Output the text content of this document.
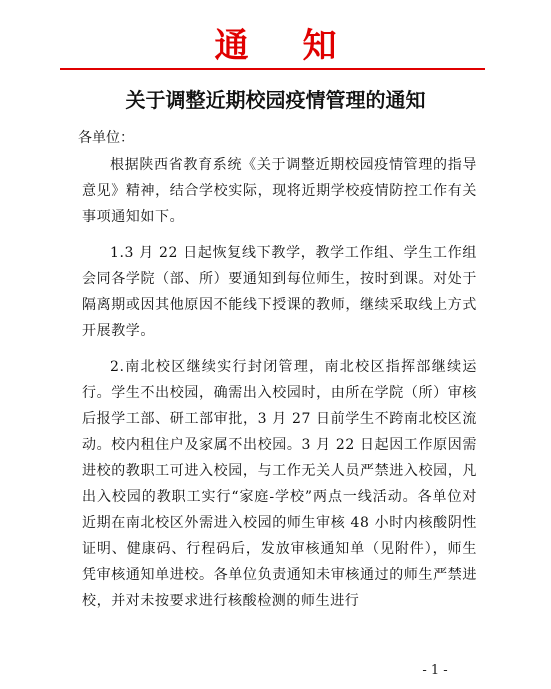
通 知
关于调整近期校园疫情管理的通知
各单位：

根据陕西省教育系统《关于调整近期校园疫情管理的指导意见》精神，结合学校实际，现将近期学校疫情防控工作有关事项通知如下。

1.3 月 22 日起恢复线下教学，教学工作组、学生工作组会同各学院（部、所）要通知到每位师生，按时到课。对处于隔离期或因其他原因不能线下授课的教师，继续采取线上方式开展教学。

2.南北校区继续实行封闭管理，南北校区指挥部继续运行。学生不出校园，确需出入校园时，由所在学院（所）审核后报学工部、研工部审批，3 月 27 日前学生不跨南北校区流动。校内租住户及家属不出校园。3 月 22 日起因工作原因需进校的教职工可进入校园，与工作无关人员严禁进入校园，凡出入校园的教职工实行“家庭-学校”两点一线活动。各单位对近期在南北校区外需进入校园的师生审核 48 小时内核酸阴性证明、健康码、行程码后，发放审核通知单（见附件），师生凭审核通知单进校。各单位负责通知未审核通过的师生严禁进校，并对未按要求进行核酸检测的师生进行

- 1 -
